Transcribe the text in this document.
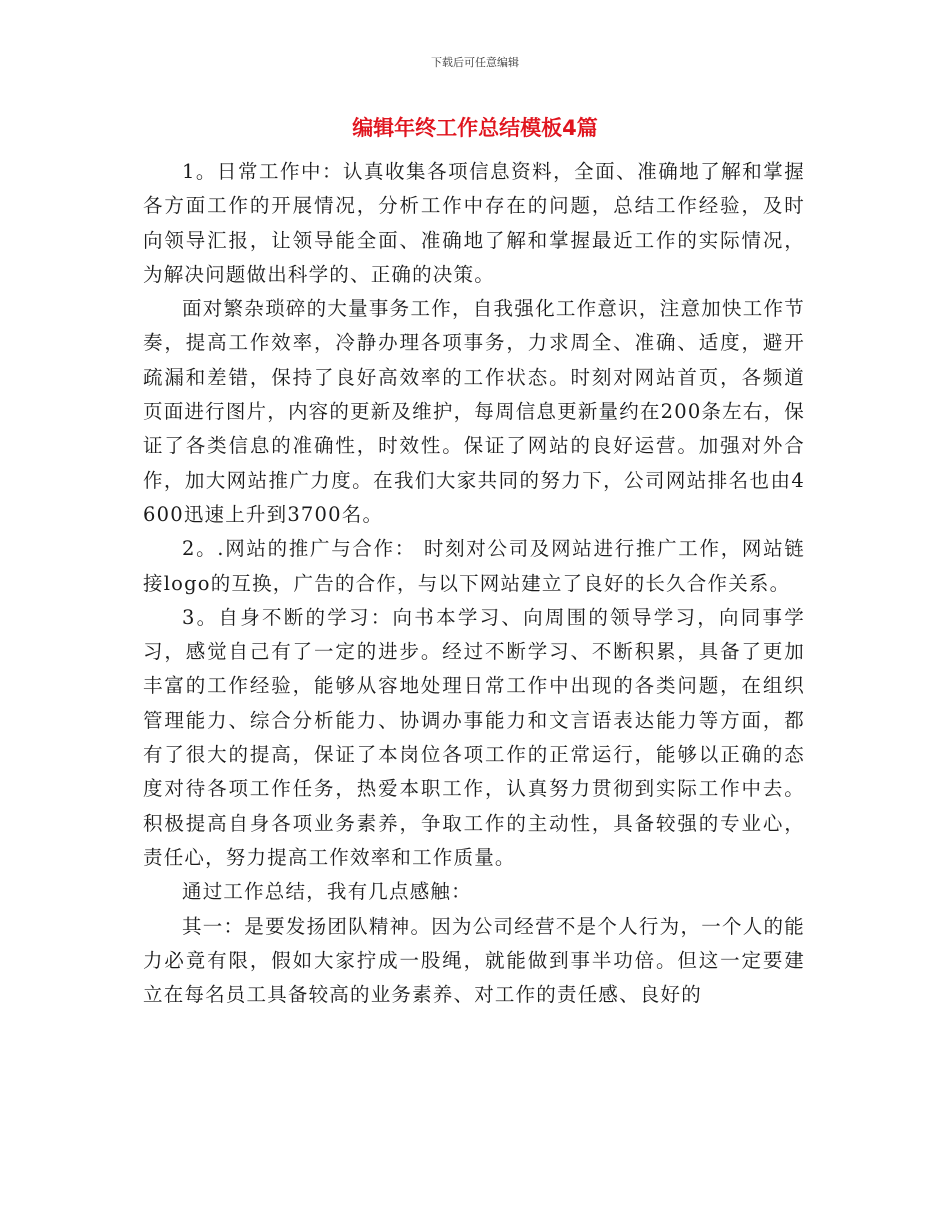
下载后可任意编辑
编辑年终工作总结模板4篇

1。日常工作中：认真收集各项信息资料，全面、准确地了解和掌握各方面工作的开展情况，分析工作中存在的问题，总结工作经验，及时向领导汇报，让领导能全面、准确地了解和掌握最近工作的实际情况，为解决问题做出科学的、正确的决策。

面对繁杂琐碎的大量事务工作，自我强化工作意识，注意加快工作节奏，提高工作效率，冷静办理各项事务，力求周全、准确、适度，避开疏漏和差错，保持了良好高效率的工作状态。时刻对网站首页，各频道页面进行图片，内容的更新及维护，每周信息更新量约在200条左右，保证了各类信息的准确性，时效性。保证了网站的良好运营。加强对外合作，加大网站推广力度。在我们大家共同的努力下，公司网站排名也由4600迅速上升到3700名。

2。.网站的推广与合作： 时刻对公司及网站进行推广工作，网站链接logo的互换，广告的合作，与以下网站建立了良好的长久合作关系。

3。自身不断的学习：向书本学习、向周围的领导学习，向同事学习，感觉自己有了一定的进步。经过不断学习、不断积累，具备了更加丰富的工作经验，能够从容地处理日常工作中出现的各类问题，在组织管理能力、综合分析能力、协调办事能力和文言语表达能力等方面，都有了很大的提高，保证了本岗位各项工作的正常运行，能够以正确的态度对待各项工作任务，热爱本职工作，认真努力贯彻到实际工作中去。积极提高自身各项业务素养，争取工作的主动性，具备较强的专业心，责任心，努力提高工作效率和工作质量。

通过工作总结，我有几点感触：

其一：是要发扬团队精神。因为公司经营不是个人行为，一个人的能力必竟有限，假如大家拧成一股绳，就能做到事半功倍。但这一定要建立在每名员工具备较高的业务素养、对工作的责任感、良好的
